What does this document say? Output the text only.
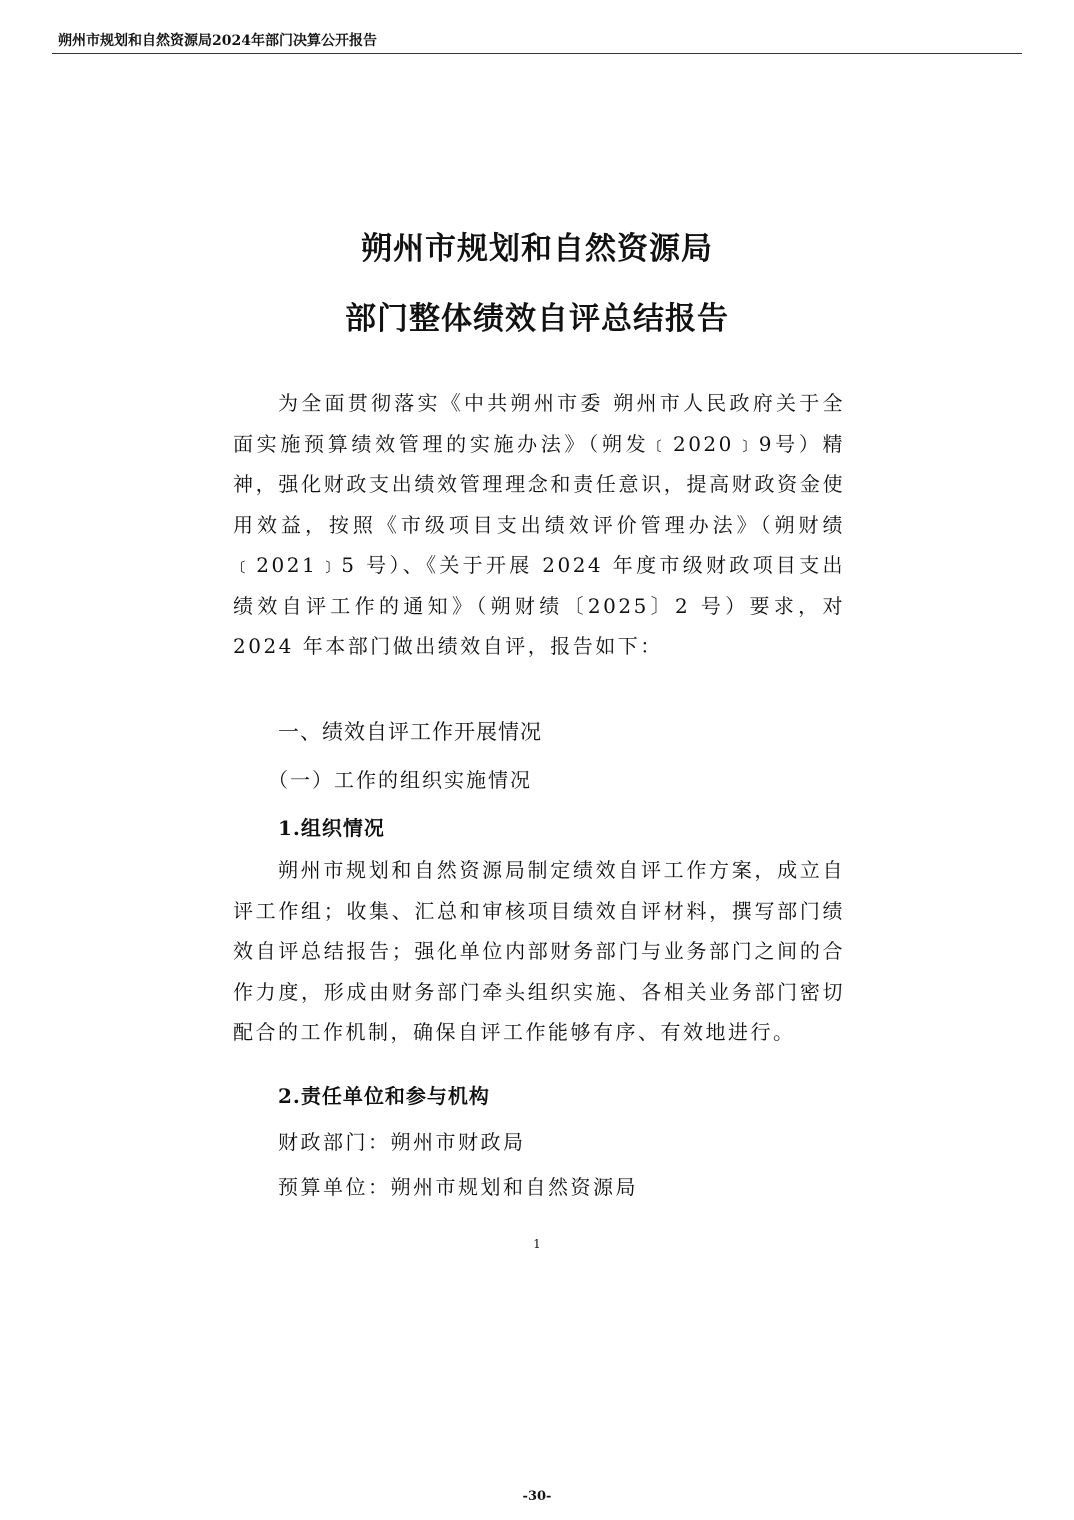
朔州市规划和自然资源局2024年部门决算公开报告
朔州市规划和自然资源局
部门整体绩效自评总结报告

为全面贯彻落实《中共朔州市委 朔州市人民政府关于全面实施预算绩效管理的实施办法》（朔发﹝2020﹞9号）精神，强化财政支出绩效管理理念和责任意识，提高财政资金使用效益，按照《市级项目支出绩效评价管理办法》（朔财绩﹝2021﹞5 号）、《关于开展 2024 年度市级财政项目支出绩效自评工作的通知》（朔财绩〔2025〕2 号）要求，对 2024 年本部门做出绩效自评，报告如下：

一、绩效自评工作开展情况
（一）工作的组织实施情况
1.组织情况

朔州市规划和自然资源局制定绩效自评工作方案，成立自评工作组；收集、汇总和审核项目绩效自评材料，撰写部门绩效自评总结报告；强化单位内部财务部门与业务部门之间的合作力度，形成由财务部门牵头组织实施、各相关业务部门密切配合的工作机制，确保自评工作能够有序、有效地进行。

2.责任单位和参与机构
财政部门：朔州市财政局
预算单位：朔州市规划和自然资源局
1
-30-
